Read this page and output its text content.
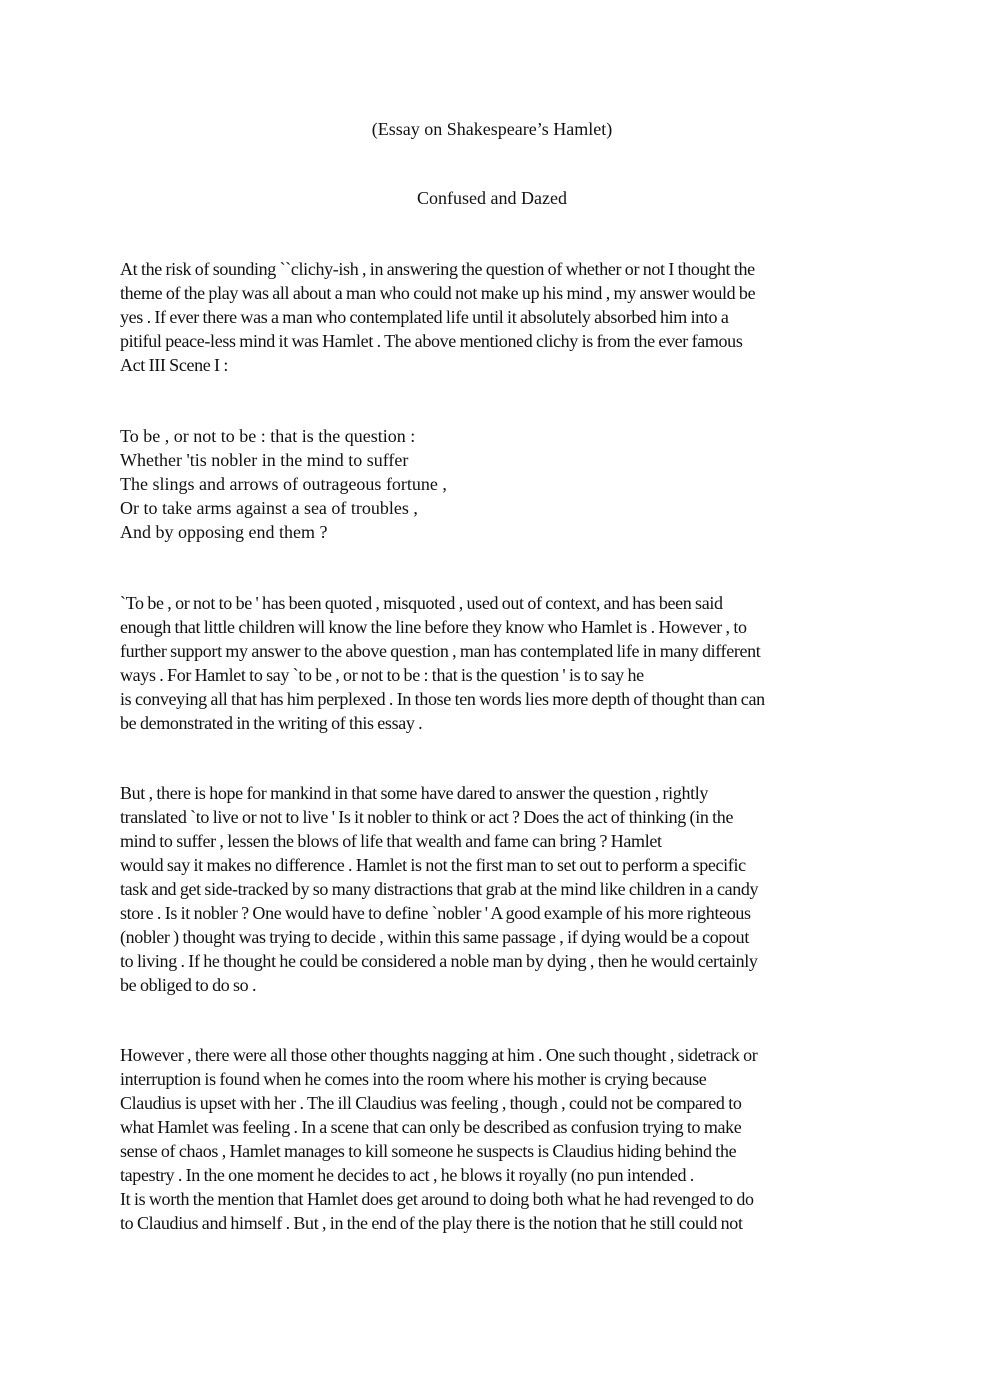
(Essay on Shakespeare’s Hamlet)
Confused and Dazed
At the risk of sounding ``clichy-ish , in answering the question of whether or not I thought the
theme of the play was all about a man who could not make up his mind , my answer would be
yes . If ever there was a man who contemplated life until it absolutely absorbed him into a
pitiful peace-less mind it was Hamlet . The above mentioned clichy is from the ever famous
Act III Scene I :
To be , or not to be : that is the question :
Whether 'tis nobler in the mind to suffer
The slings and arrows of outrageous fortune ,
Or to take arms against a sea of troubles ,
And by opposing end them ?
`To be , or not to be ' has been quoted , misquoted , used out of context, and has been said
enough that little children will know the line before they know who Hamlet is . However , to
further support my answer to the above question , man has contemplated life in many different
ways . For Hamlet to say `to be , or not to be : that is the question ' is to say he
is conveying all that has him perplexed . In those ten words lies more depth of thought than can
be demonstrated in the writing of this essay .
But , there is hope for mankind in that some have dared to answer the question , rightly
translated `to live or not to live ' Is it nobler to think or act ? Does the act of thinking (in the
mind to suffer , lessen the blows of life that wealth and fame can bring ? Hamlet
would say it makes no difference . Hamlet is not the first man to set out to perform a specific
task and get side-tracked by so many distractions that grab at the mind like children in a candy
store . Is it nobler ? One would have to define `nobler ' A good example of his more righteous
(nobler ) thought was trying to decide , within this same passage , if dying would be a copout
to living . If he thought he could be considered a noble man by dying , then he would certainly
be obliged to do so .
However , there were all those other thoughts nagging at him . One such thought , sidetrack or
interruption is found when he comes into the room where his mother is crying because
Claudius is upset with her . The ill Claudius was feeling , though , could not be compared to
what Hamlet was feeling . In a scene that can only be described as confusion trying to make
sense of chaos , Hamlet manages to kill someone he suspects is Claudius hiding behind the
tapestry . In the one moment he decides to act , he blows it royally (no pun intended .
It is worth the mention that Hamlet does get around to doing both what he had revenged to do
to Claudius and himself . But , in the end of the play there is the notion that he still could not
